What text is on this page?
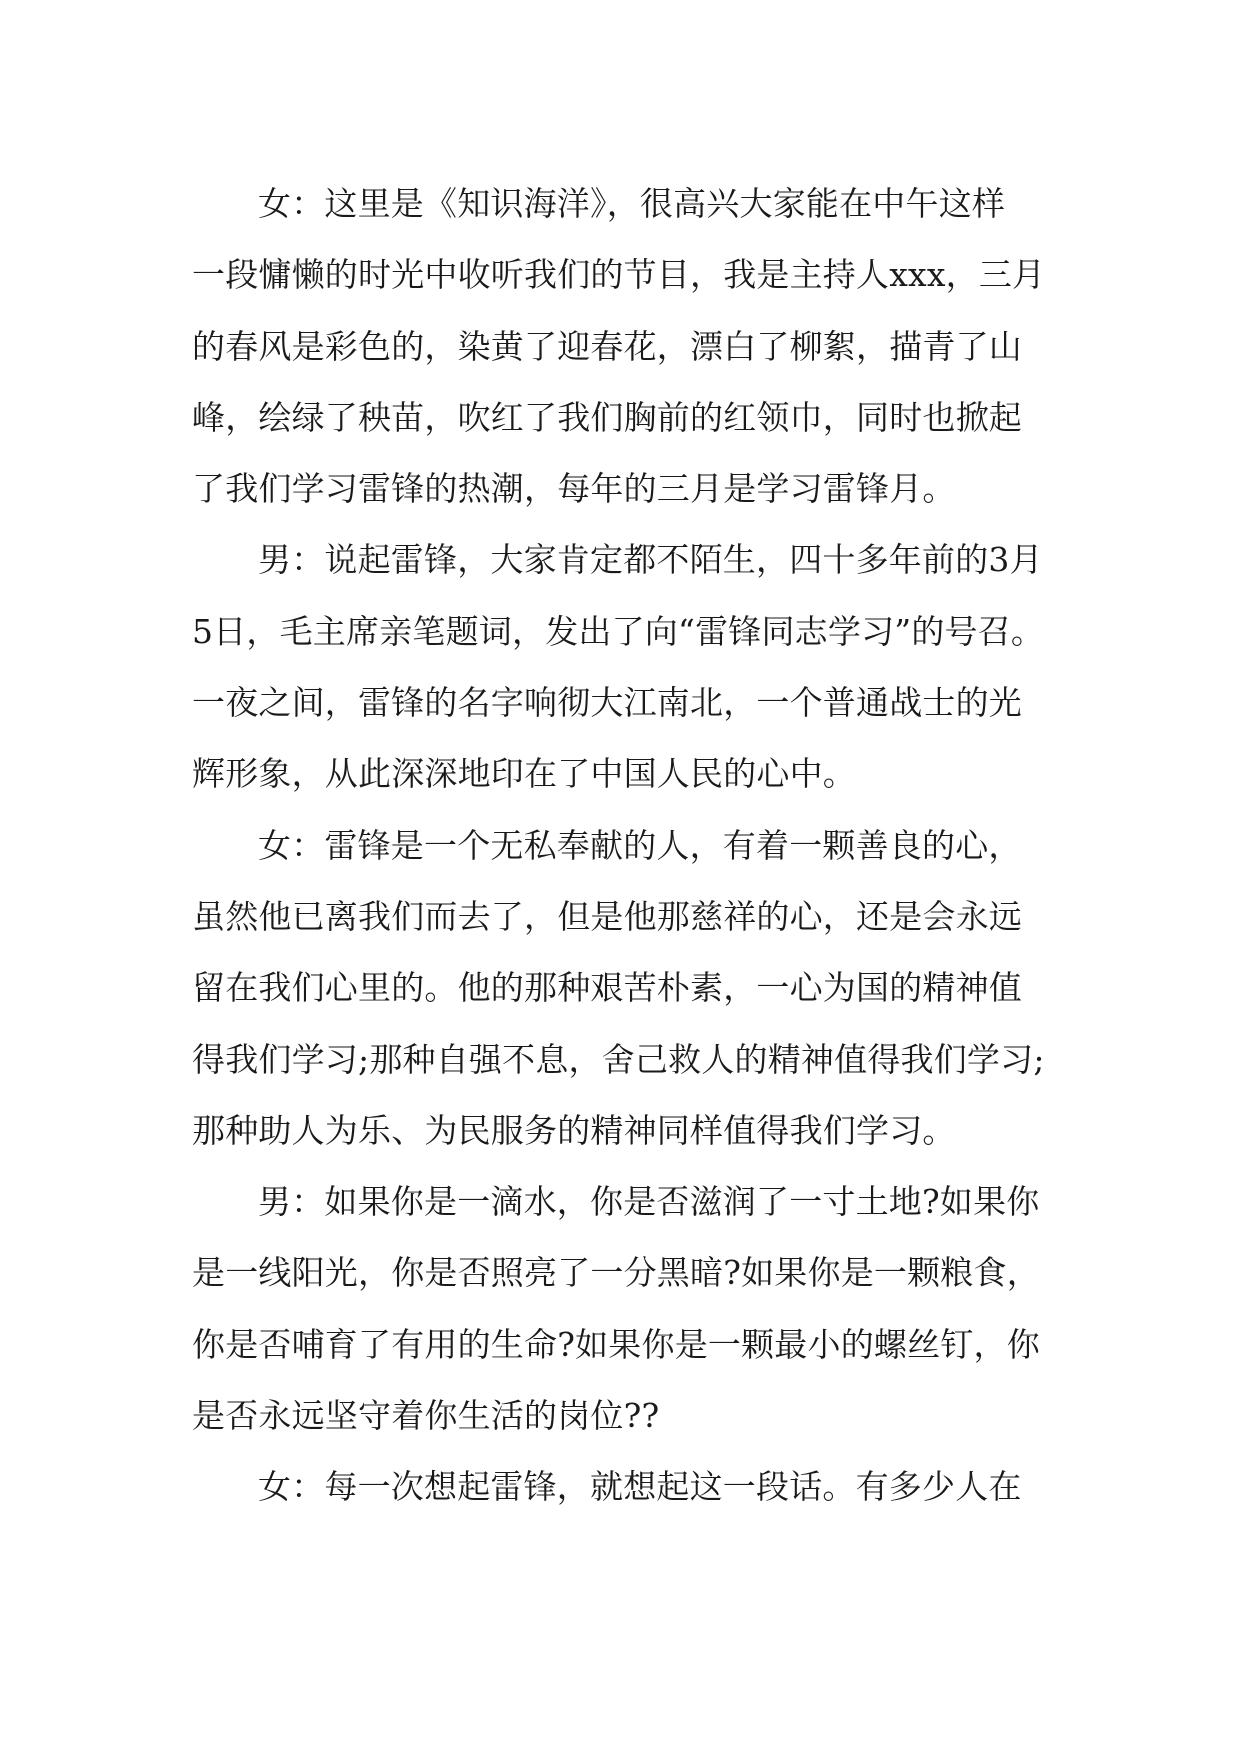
女：这里是《知识海洋》，很高兴大家能在中午这样
一段慵懒的时光中收听我们的节目，我是主持人xxx，三月
的春风是彩色的，染黄了迎春花，漂白了柳絮，描青了山
峰，绘绿了秧苗，吹红了我们胸前的红领巾，同时也掀起
了我们学习雷锋的热潮，每年的三月是学习雷锋月。
男：说起雷锋，大家肯定都不陌生，四十多年前的3月
5日，毛主席亲笔题词，发出了向“雷锋同志学习”的号召。
一夜之间，雷锋的名字响彻大江南北，一个普通战士的光
辉形象，从此深深地印在了中国人民的心中。
女：雷锋是一个无私奉献的人，有着一颗善良的心，
虽然他已离我们而去了，但是他那慈祥的心，还是会永远
留在我们心里的。他的那种艰苦朴素，一心为国的精神值
得我们学习;那种自强不息，舍己救人的精神值得我们学习;
那种助人为乐、为民服务的精神同样值得我们学习。
男：如果你是一滴水，你是否滋润了一寸土地?如果你
是一线阳光，你是否照亮了一分黑暗?如果你是一颗粮食，
你是否哺育了有用的生命?如果你是一颗最小的螺丝钉，你
是否永远坚守着你生活的岗位??
女：每一次想起雷锋，就想起这一段话。有多少人在
